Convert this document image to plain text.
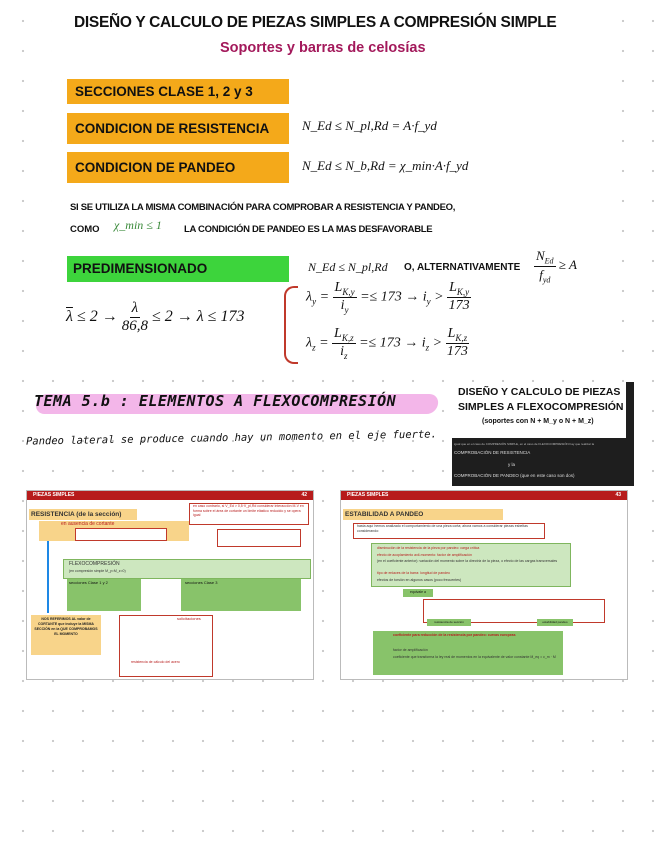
DISEÑO Y CALCULO DE PIEZAS SIMPLES A COMPRESIÓN SIMPLE
Soportes y barras de celosías
SECCIONES CLASE 1, 2 y 3
CONDICION DE RESISTENCIA	N_Ed ≤ N_pl,Rd = A·f_yd
CONDICION DE PANDEO	N_Ed ≤ N_b,Rd = χ_min·A·f_yd
SI SE UTILIZA LA MISMA COMBINACIÓN PARA COMPROBAR A RESISTENCIA Y PANDEO,
COMO χ_min ≤ 1 LA CONDICIÓN DE PANDEO ES LA MAS DESFAVORABLE
PREDIMENSIONADO	N_Ed ≤ N_pl,Rd O, ALTERNATIVAMENTE $\frac{N_{Ed}}{f_{yd}} \ge A$
$\overline{\lambda} \le 2 \to \frac{\lambda}{86,8} \le 2 \to \lambda \le 173$
$\lambda_y = \frac{L_{K,y}}{i_y} =\le 173 \to i_y > \frac{L_{K,y}}{173}$
$\lambda_z = \frac{L_{K,z}}{i_z} =\le 173 \to i_z > \frac{L_{K,z}}{173}$
TEMA 5.b : ELEMENTOS A FLEXOCOMPRESIÓN
Pandeo lateral se produce cuando hay un momento en el eje fuerte.
DISEÑO Y CALCULO DE PIEZAS
SIMPLES A FLEXOCOMPRESIÓN
(soportes con N + M_y o N + M_z)
igual que en el caso de COMPRESIÓN SIMPLE, en el caso de FLEXOCOMPRESIÓN hay que realizar la
COMPROBACIÓN DE RESISTENCIA
y la
COMPROBACIÓN DE PANDEO (que en este caso son dos)
PIEZAS SIMPLES	42
RESISTENCIA (de la sección)
en ausencia de cortante
en caso contrario, si V_Ed > 0,5·V_pl,Rd considerar interacción M-V en forma sobre el área de cortante un límite elástico reducido y se opera igual
FLEXOCOMPRESIÓN
(en compresión simple M_y=M_z=0)
secciones Clase 1 y 2	secciones Clase 3
NOS REFERIMOS AL valor de CORTANTE que incluye la MISMA SECCIÓN en la QUE COMPROBAMOS EL MOMENTO
solicitaciones
resistencia de cálculo del acero
PIEZAS SIMPLES	43
ESTABILIDAD A PANDEO
hasta aquí hemos analizado el comportamiento de una pieza corta; ahora vamos a considerar piezas esbeltas considerando:
disminución de la resistencia de la pieza por pandeo: carga crítica
efecto de acoplamiento axil-momento: factor de amplificación
(en el coeficiente anterior): variación del momento sobre la directriz de la pieza, o efecto de las cargas transversales
tipo de enlaces de la barra: longitud de pandeo
efectos de torsión en algunos casos (poco frecuentes)
equivale a
resistencia de sección	estabilidad pandeo
coeficiente para reducción de la resistencia por pandeo: curvas europeas
factor de amplificación
coeficiente que transforma la ley real de momentos en la equivalente de valor constante M_eq = c_m · M
